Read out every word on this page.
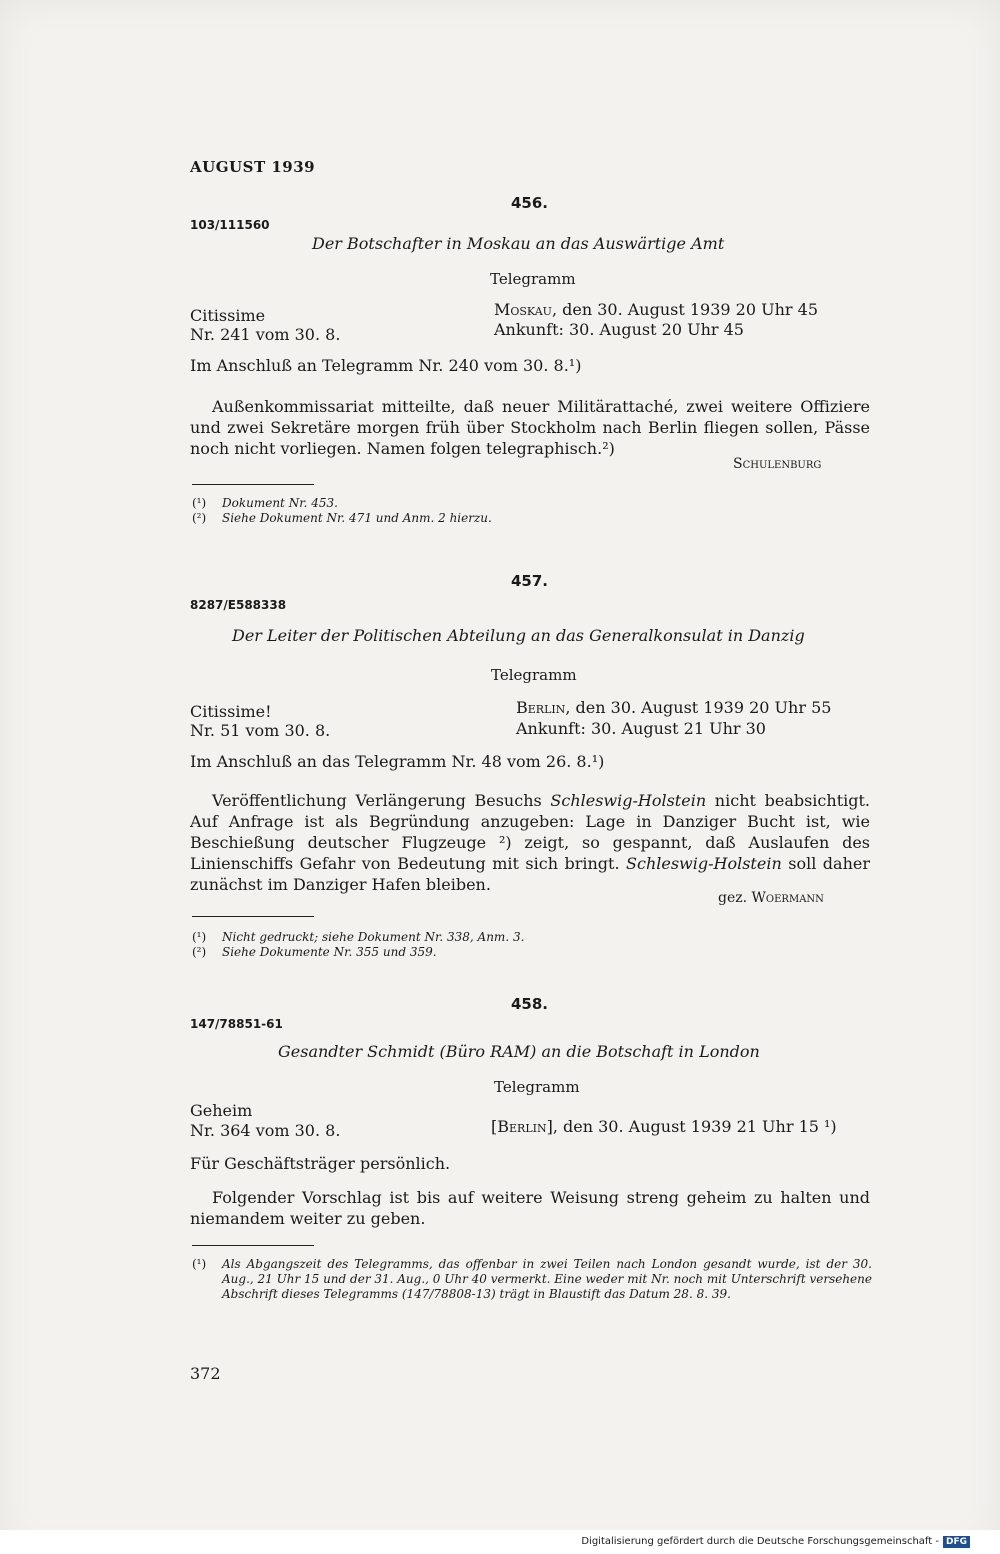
AUGUST 1939
456.
103/111560
Der Botschafter in Moskau an das Auswärtige Amt
Telegramm
Citissime	Moskau, den 30. August 1939 20 Uhr 45
Nr. 241 vom 30. 8.	Ankunft: 30. August 20 Uhr 45
Im Anschluß an Telegramm Nr. 240 vom 30. 8.¹)
Außenkommissariat mitteilte, daß neuer Militärattaché, zwei weitere Offiziere und zwei Sekretäre morgen früh über Stockholm nach Berlin fliegen sollen, Pässe noch nicht vorliegen. Namen folgen telegraphisch.²)
Schulenburg
(¹) Dokument Nr. 453.
(²) Siehe Dokument Nr. 471 und Anm. 2 hierzu.
457.
8287/E588338
Der Leiter der Politischen Abteilung an das Generalkonsulat in Danzig
Telegramm
Citissime!	Berlin, den 30. August 1939 20 Uhr 55
Nr. 51 vom 30. 8.	Ankunft: 30. August 21 Uhr 30
Im Anschluß an das Telegramm Nr. 48 vom 26. 8.¹)
Veröffentlichung Verlängerung Besuchs Schleswig-Holstein nicht beabsichtigt. Auf Anfrage ist als Begründung anzugeben: Lage in Danziger Bucht ist, wie Beschießung deutscher Flugzeuge ²) zeigt, so gespannt, daß Auslaufen des Linienschiffs Gefahr von Bedeutung mit sich bringt. Schleswig-Holstein soll daher zunächst im Danziger Hafen bleiben.
gez. Woermann
(¹) Nicht gedruckt; siehe Dokument Nr. 338, Anm. 3.
(²) Siehe Dokumente Nr. 355 und 359.
458.
147/78851-61
Gesandter Schmidt (Büro RAM) an die Botschaft in London
Telegramm
Geheim
Nr. 364 vom 30. 8.	[Berlin], den 30. August 1939 21 Uhr 15 ¹)
Für Geschäftsträger persönlich.
Folgender Vorschlag ist bis auf weitere Weisung streng geheim zu halten und niemandem weiter zu geben.
(¹)	Als Abgangszeit des Telegramms, das offenbar in zwei Teilen nach London gesandt wurde, ist der 30. Aug., 21 Uhr 15 und der 31. Aug., 0 Uhr 40 vermerkt. Eine weder mit Nr. noch mit Unterschrift versehene Abschrift dieses Telegramms (147/78808-13) trägt in Blaustift das Datum 28. 8. 39.
372
Digitalisierung gefördert durch die Deutsche Forschungsgemeinschaft - DFG
